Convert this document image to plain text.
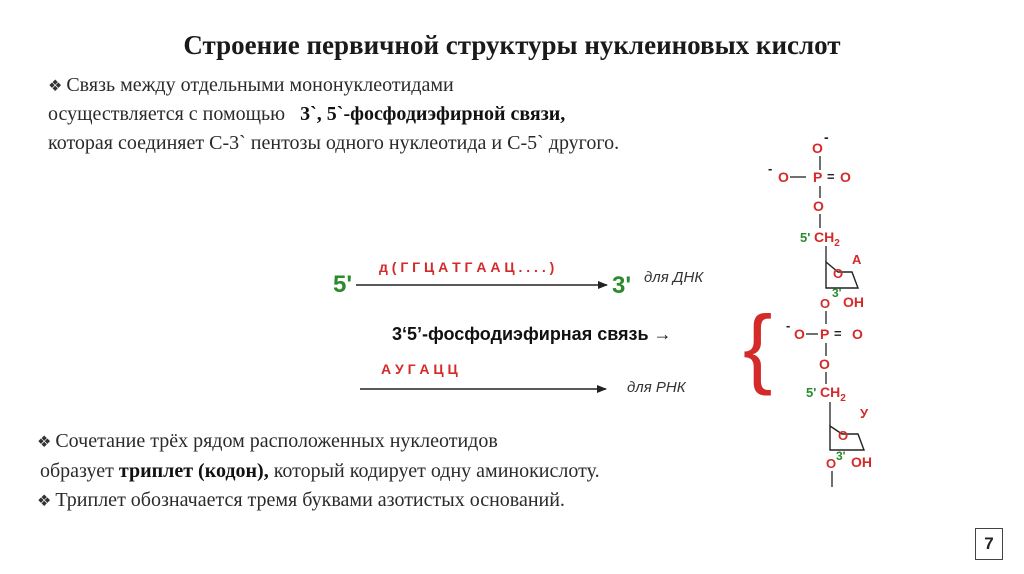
Строение первичной структуры нуклеиновых кислот
❖ Связь между отдельными мононуклеотидами
осуществляется с помощью 3`, 5`-фосфодиэфирной связи,
которая соединяет С-3` пентозы одного нуклеотида и С-5` другого.
5'
д ( Г Г Ц А Т Г А А Ц . . . . )
3' для ДНК
3‘5’-фосфодиэфирная связь →
А У Г А Ц Ц
для РНК {
O
-
-
O P = O
O
5' $CH_2$
O
A
3'
OH
O
-
O P = O
O
5' $CH_2$
O
У
3' OH
O
❖ Сочетание трёх рядом расположенных нуклеотидов
образует триплет (кодон), который кодирует одну аминокислоту.
❖ Триплет обозначается тремя буквами азотистых оснований.
7
